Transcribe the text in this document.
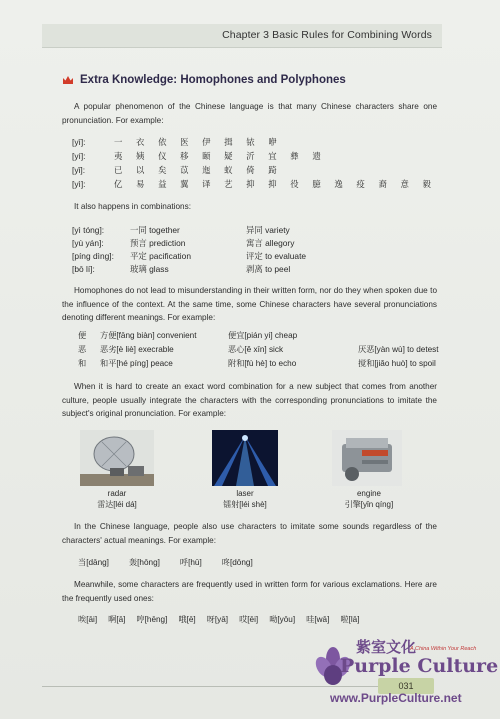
Chapter 3 Basic Rules for Combining Words
Extra Knowledge: Homophones and Polyphones
A popular phenomenon of the Chinese language is that many Chinese characters share one pronunciation. For example:
[yī]:	一 衣 依 医 伊 揖 铱 咿
[yí]:	夷 姨 仪 移 颐 疑 沂 宜 彝 遗
[yǐ]:	已 以 矣 苡 迤 蚁 倚 踦
[yì]:	亿 易 益 翼 译 艺 抑 抑 役 臆 逸 疫 裔 意 毅
It also happens in combinations:
[yì tóng]:	一同 together	异同 variety
[yù yán]:	预言 prediction	寓言 allegory
[píng dìng]:	平定 pacification	评定 to evaluate
[bō lí]:	玻璃 glass	剥离 to peel
Homophones do not lead to misunderstanding in their written form, nor do they when spoken due to the influence of the context. At the same time, some Chinese characters have several pronunciations denoting different meanings. For example:
便	方便[fāng biàn] convenient	便宜[pián yi] cheap
恶	恶劣[è liè] execrable	恶心[ě xīn] sick	厌恶[yàn wù] to detest
和	和平[hé píng] peace	附和[fù hè] to echo	搅和[jiǎo huò] to spoil
When it is hard to create an exact word combination for a new subject that comes from another culture, people usually integrate the characters with the corresponding pronunciations to imitate the subject's original pronunciation. For example:
radar
雷达[léi dá]
laser
镭射[léi shè]
engine
引擎[yǐn qínɡ]
In the Chinese language, people also use characters to imitate some sounds regardless of the characters' actual meanings. For example:
当[dānɡ] 轰[hōnɡ] 呼[hū] 咚[dōnɡ]
Meanwhile, some characters are frequently used in written form for various exclamations. Here are the frequently used ones:
唉[āi] 啊[ā] 哼[hēnɡ] 哦[ē] 呀[yā] 哎[ēi] 呦[yōu] 哇[wā] 啦[lā]
031
紫室文化
A China Within Your Reach
Purple Culture
www.PurpleCulture.net
